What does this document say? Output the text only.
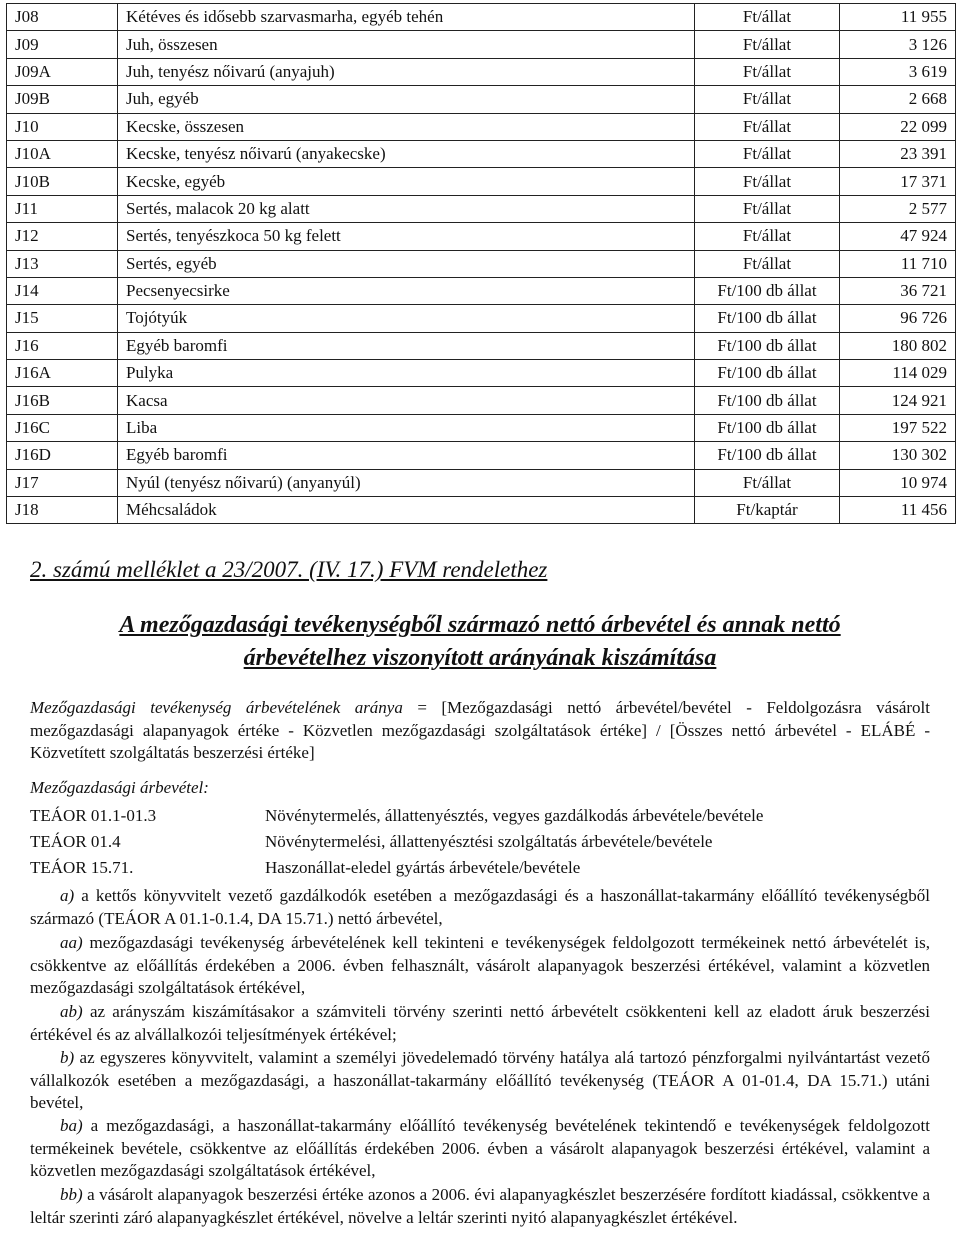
J08	Kétéves és idősebb szarvasmarha, egyéb tehén	Ft/állat	11 955
J09	Juh, összesen	Ft/állat	3 126
J09A	Juh, tenyész nőivarú (anyajuh)	Ft/állat	3 619
J09B	Juh, egyéb	Ft/állat	2 668
J10	Kecske, összesen	Ft/állat	22 099
J10A	Kecske, tenyész nőivarú (anyakecske)	Ft/állat	23 391
J10B	Kecske, egyéb	Ft/állat	17 371
J11	Sertés, malacok 20 kg alatt	Ft/állat	2 577
J12	Sertés, tenyészkoca 50 kg felett	Ft/állat	47 924
J13	Sertés, egyéb	Ft/állat	11 710
J14	Pecsenyecsirke	Ft/100 db állat	36 721
J15	Tojótyúk	Ft/100 db állat	96 726
J16	Egyéb baromfi	Ft/100 db állat	180 802
J16A	Pulyka	Ft/100 db állat	114 029
J16B	Kacsa	Ft/100 db állat	124 921
J16C	Liba	Ft/100 db állat	197 522
J16D	Egyéb baromfi	Ft/100 db állat	130 302
J17	Nyúl (tenyész nőivarú) (anyanyúl)	Ft/állat	10 974
J18	Méhcsaládok	Ft/kaptár	11 456
2. számú melléklet a 23/2007. (IV. 17.) FVM rendelethez
A mezőgazdasági tevékenységből származó nettó árbevétel és annak nettó
árbevételhez viszonyított arányának kiszámítása
Mezőgazdasági tevékenység árbevételének aránya = [Mezőgazdasági nettó árbevétel/bevétel - Feldolgozásra vásárolt mezőgazdasági alapanyagok értéke - Közvetlen mezőgazdasági szolgáltatások értéke] / [Összes nettó árbevétel - ELÁBÉ - Közvetített szolgáltatás beszerzési értéke]
Mezőgazdasági árbevétel:
TEÁOR 01.1-01.3	Növénytermelés, állattenyésztés, vegyes gazdálkodás árbevétele/bevétele
TEÁOR 01.4	Növénytermelési, állattenyésztési szolgáltatás árbevétele/bevétele
TEÁOR 15.71.	Haszonállat-eledel gyártás árbevétele/bevétele
a) a kettős könyvvitelt vezető gazdálkodók esetében a mezőgazdasági és a haszonállat-takarmány előállító tevékenységből származó (TEÁOR A 01.1-0.1.4, DA 15.71.) nettó árbevétel,
aa) mezőgazdasági tevékenység árbevételének kell tekinteni e tevékenységek feldolgozott termékeinek nettó árbevételét is, csökkentve az előállítás érdekében a 2006. évben felhasznált, vásárolt alapanyagok beszerzési értékével, valamint a közvetlen mezőgazdasági szolgáltatások értékével,
ab) az arányszám kiszámításakor a számviteli törvény szerinti nettó árbevételt csökkenteni kell az eladott áruk beszerzési értékével és az alvállalkozói teljesítmények értékével;
b) az egyszeres könyvvitelt, valamint a személyi jövedelemadó törvény hatálya alá tartozó pénzforgalmi nyilvántartást vezető vállalkozók esetében a mezőgazdasági, a haszonállat-takarmány előállító tevékenység (TEÁOR A 01-01.4, DA 15.71.) utáni bevétel,
ba) a mezőgazdasági, a haszonállat-takarmány előállító tevékenység bevételének tekintendő e tevékenységek feldolgozott termékeinek bevétele, csökkentve az előállítás érdekében 2006. évben a vásárolt alapanyagok beszerzési értékével, valamint a közvetlen mezőgazdasági szolgáltatások értékével,
bb) a vásárolt alapanyagok beszerzési értéke azonos a 2006. évi alapanyagkészlet beszerzésére fordított kiadással, csökkentve a leltár szerinti záró alapanyagkészlet értékével, növelve a leltár szerinti nyitó alapanyagkészlet értékével.
